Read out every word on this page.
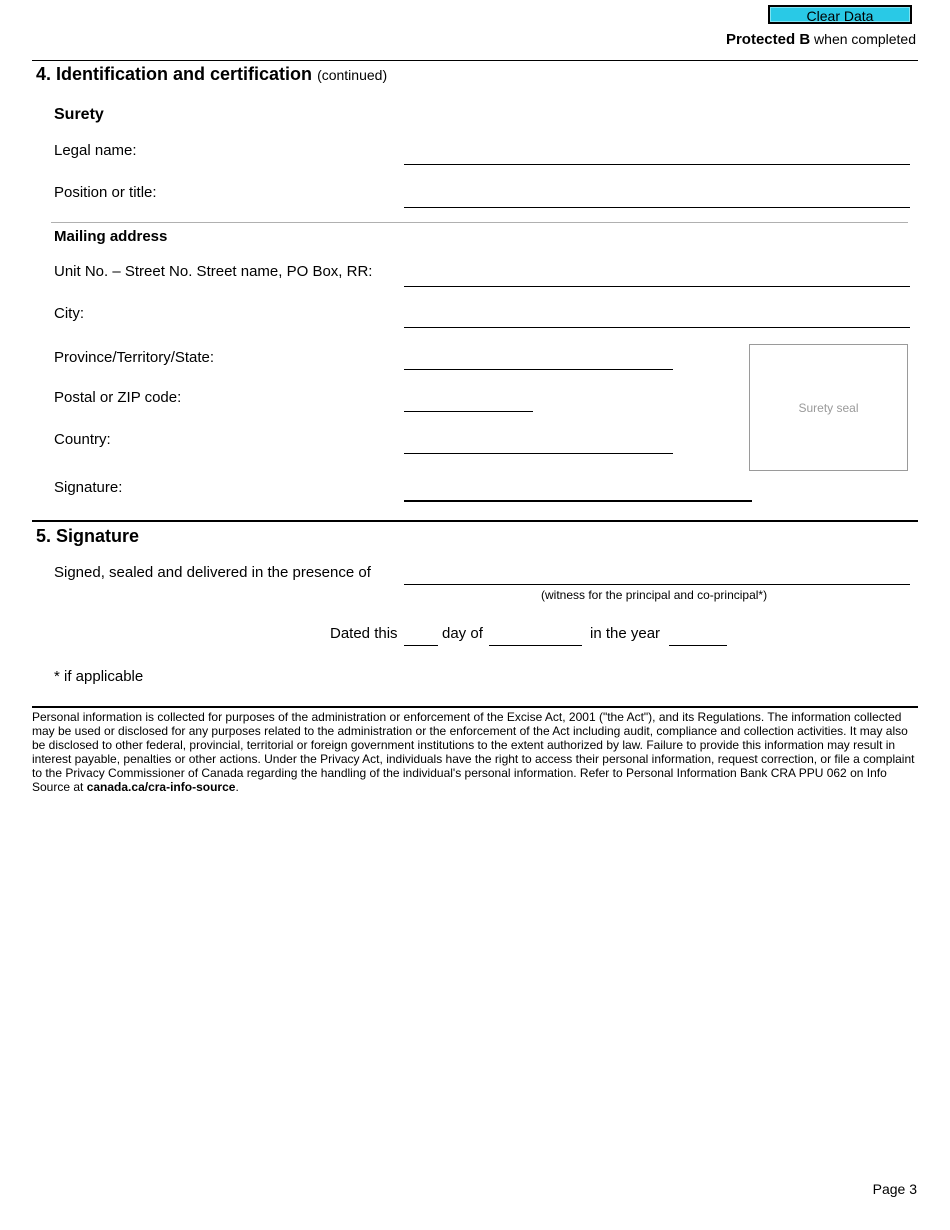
Clear Data
Protected B when completed
4. Identification and certification (continued)
Surety
Legal name:
Position or title:
Mailing address
Unit No. – Street No. Street name, PO Box, RR:
City:
Province/Territory/State:
Postal or ZIP code:
Country:
Signature:
Surety seal
5. Signature
Signed, sealed and delivered in the presence of
(witness for the principal and co-principal*)
Dated this	day of	in the year
* if applicable
Personal information is collected for purposes of the administration or enforcement of the Excise Act, 2001 ("the Act"), and its Regulations. The information collected may be used or disclosed for any purposes related to the administration or the enforcement of the Act including audit, compliance and collection activities. It may also be disclosed to other federal, provincial, territorial or foreign government institutions to the extent authorized by law. Failure to provide this information may result in interest payable, penalties or other actions. Under the Privacy Act, individuals have the right to access their personal information, request correction, or file a complaint to the Privacy Commissioner of Canada regarding the handling of the individual's personal information. Refer to Personal Information Bank CRA PPU 062 on Info Source at canada.ca/cra-info-source.
Page 3
